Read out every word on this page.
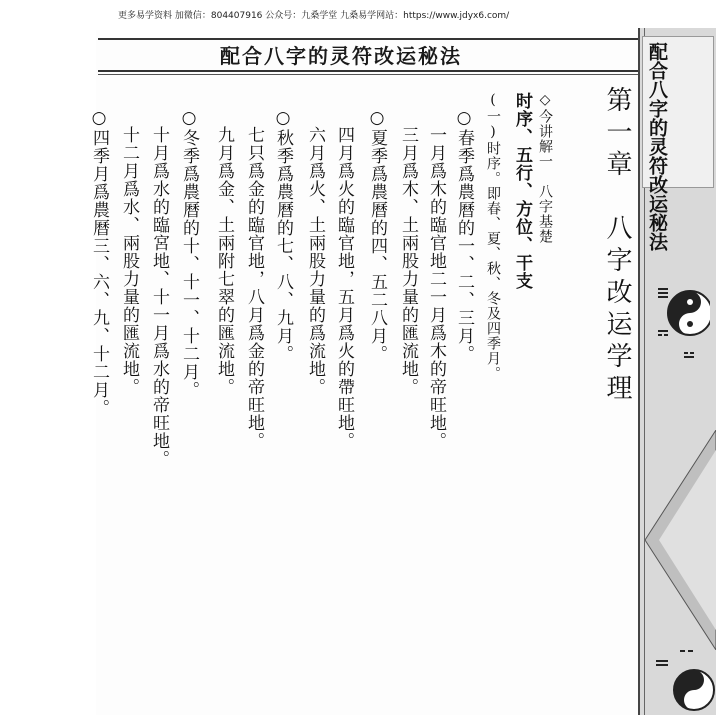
更多易学资料 加微信：804407916 公众号：九桑学堂 九桑易学网站：https://www.jdyx6.com/
配合八字的灵符改运秘法	配合八字的灵符改运秘法
第一章　八字改运学理
◇今讲解一　八字基楚
时序、五行、方位、干支
(一)时序。即春、夏、秋、冬及四季月。
○春季爲農曆的一、二、三月。
一月爲木的臨官地二一月爲木的帝旺地。
三月爲木、土兩股力量的匯流地。
○夏季爲農曆的四、五二八月。
四月爲火的臨官地，五月爲火的帶旺地。
六月爲火、土兩股力量的爲流地。
○秋季爲農曆的七、八、九月。
七只爲金的臨官地，八月爲金的帝旺地。
九月爲金、土兩附七翠的匯流地。
○冬季爲農曆的十、十一、十二月。
十月爲水的臨宮地、十一月爲水的帝旺地。
十二月爲水、兩股力量的匯流地。
○四季月爲農曆三、六、九、十二月。
